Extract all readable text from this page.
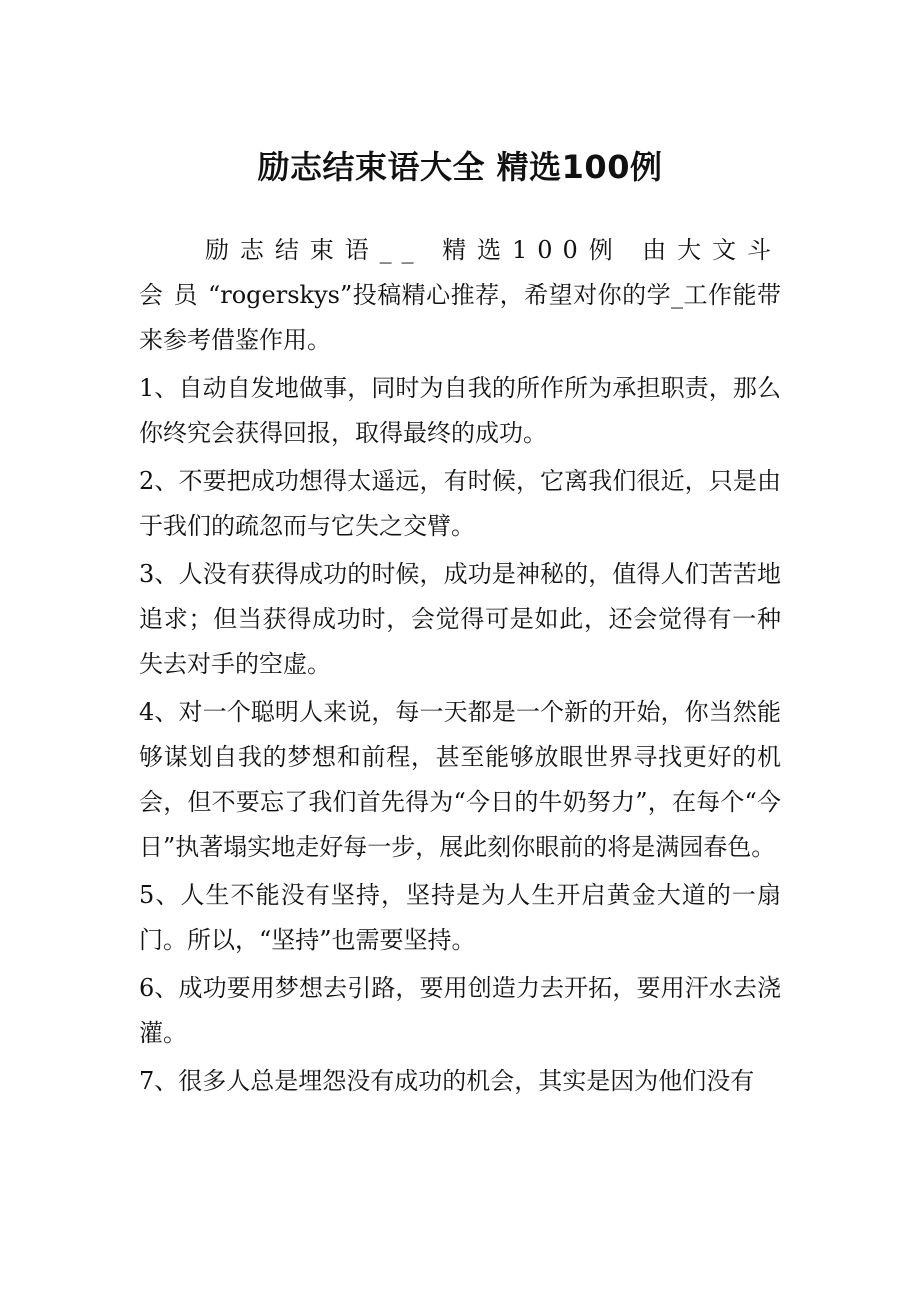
励志结束语大全 精选100例

励志结束语__ 精选100例 由大文斗会员“rogerskys”投稿精心推荐，希望对你的学_工作能带来参考借鉴作用。

1、自动自发地做事，同时为自我的所作所为承担职责，那么你终究会获得回报，取得最终的成功。

2、不要把成功想得太遥远，有时候，它离我们很近，只是由于我们的疏忽而与它失之交臂。

3、人没有获得成功的时候，成功是神秘的，值得人们苦苦地追求；但当获得成功时，会觉得可是如此，还会觉得有一种失去对手的空虚。

4、对一个聪明人来说，每一天都是一个新的开始，你当然能够谋划自我的梦想和前程，甚至能够放眼世界寻找更好的机会，但不要忘了我们首先得为“今日的牛奶努力”，在每个“今日”执著塌实地走好每一步，展此刻你眼前的将是满园春色。

5、人生不能没有坚持，坚持是为人生开启黄金大道的一扇门。所以，“坚持”也需要坚持。

6、成功要用梦想去引路，要用创造力去开拓，要用汗水去浇灌。

7、很多人总是埋怨没有成功的机会，其实是因为他们没有
